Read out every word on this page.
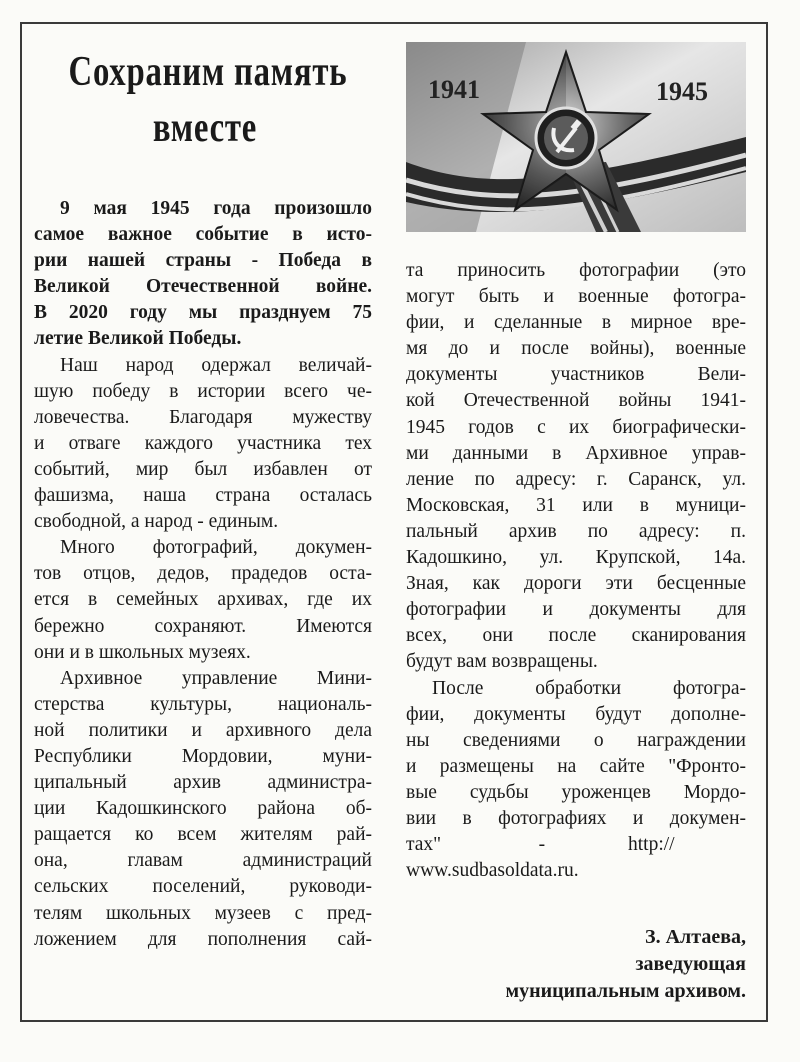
Сохраним память
вместе
1941	1945

9 мая 1945 года произошло

самое важное событие в исто-

рии нашей страны - Победа в

Великой Отечественной войне.

В 2020 году мы празднуем 75

летие Великой Победы.

Наш народ одержал величай-

шую победу в истории всего че-

ловечества. Благодаря мужеству

и отваге каждого участника тех

событий, мир был избавлен от

фашизма, наша страна осталась

свободной, а народ - единым.

Много фотографий, докумен-

тов отцов, дедов, прадедов оста-

ется в семейных архивах, где их

бережно сохраняют. Имеются

они и в школьных музеях.

Архивное управление Мини-

стерства культуры, националь-

ной политики и архивного дела

Республики Мордовии, муни-

ципальный архив администра-

ции Кадошкинского района об-

ращается ко всем жителям рай-

она, главам администраций

сельских поселений, руководи-

телям школьных музеев с пред-

ложением для пополнения сай-

та приносить фотографии (это

могут быть и военные фотогра-

фии, и сделанные в мирное вре-

мя до и после войны), военные

документы участников Вели-

кой Отечественной войны 1941-

1945 годов с их биографически-

ми данными в Архивное управ-

ление по адресу: г. Саранск, ул.

Московская, 31 или в муници-

пальный архив по адресу: п.

Кадошкино, ул. Крупской, 14а.

Зная, как дороги эти бесценные

фотографии и документы для

всех, они после сканирования

будут вам возвращены.

После обработки фотогра-

фии, документы будут дополне-

ны сведениями о награждении

и размещены на сайте "Фронто-

вые судьбы уроженцев Мордо-

вии в фотографиях и докумен-

тах"                    -                 http://

www.sudbasoldata.ru.

З. Алтаева,
заведующая
муниципальным архивом.
